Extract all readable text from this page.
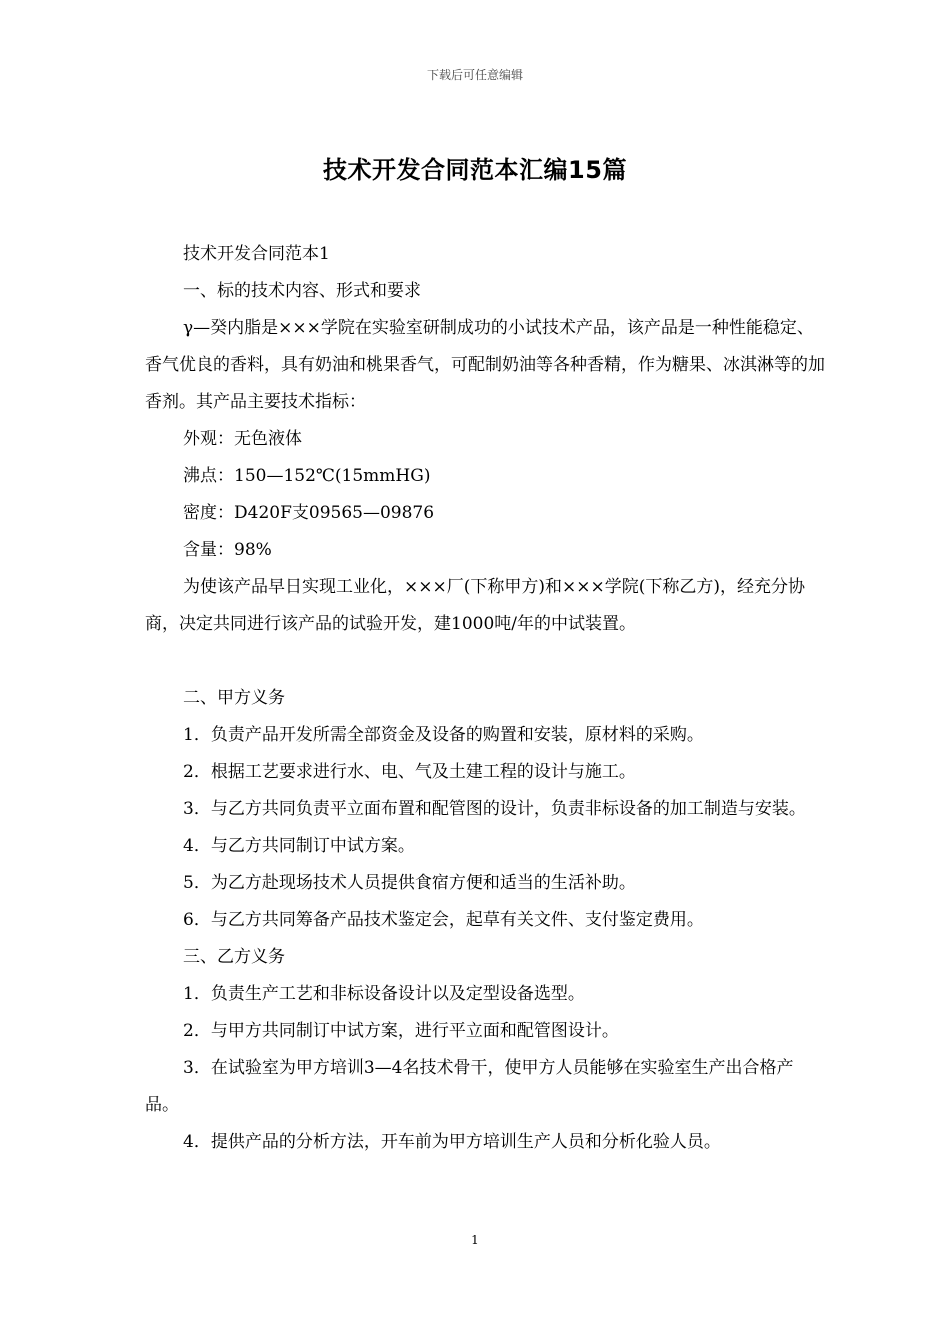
下载后可任意编辑
技术开发合同范本汇编15篇

技术开发合同范本1

一、标的技术内容、形式和要求

γ—癸内脂是×××学院在实验室研制成功的小试技术产品，该产品是一种性能稳定、香气优良的香料，具有奶油和桃果香气，可配制奶油等各种香精，作为糖果、冰淇淋等的加香剂。其产品主要技术指标：

外观：无色液体

沸点：150—152℃(15mmHG)

密度：D420F支09565—09876

含量：98%

为使该产品早日实现工业化，×××厂(下称甲方)和×××学院(下称乙方)，经充分协商，决定共同进行该产品的试验开发，建1000吨/年的中试装置。

二、甲方义务

1．负责产品开发所需全部资金及设备的购置和安装，原材料的采购。

2．根据工艺要求进行水、电、气及土建工程的设计与施工。

3．与乙方共同负责平立面布置和配管图的设计，负责非标设备的加工制造与安装。

4．与乙方共同制订中试方案。

5．为乙方赴现场技术人员提供食宿方便和适当的生活补助。

6．与乙方共同筹备产品技术鉴定会，起草有关文件、支付鉴定费用。

三、乙方义务

1．负责生产工艺和非标设备设计以及定型设备选型。

2．与甲方共同制订中试方案，进行平立面和配管图设计。

3．在试验室为甲方培训3—4名技术骨干，使甲方人员能够在实验室生产出合格产品。

4．提供产品的分析方法，开车前为甲方培训生产人员和分析化验人员。

1
